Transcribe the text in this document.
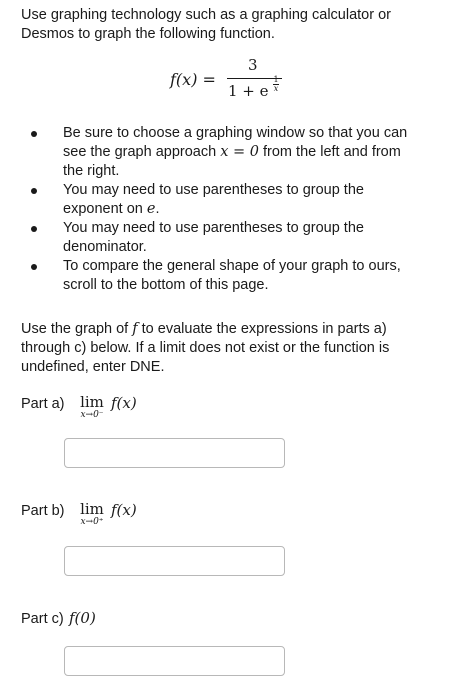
Use graphing technology such as a graphing calculator or
Desmos to graph the following function.
f(x) =
3
1 + e $\frac{1}{x}$
Be sure to choose a graphing window so that you can
see the graph approach x = 0 from the left and from
the right.
You may need to use parentheses to group the
exponent on e.
You may need to use parentheses to group the
denominator.
To compare the general shape of your graph to ours,
scroll to the bottom of this page.
Use the graph of f to evaluate the expressions in parts a)
through c) below. If a limit does not exist or the function is
undefined, enter DNE.
Part a)	lim
x→0⁻
f(x)
Part b)	lim
x→0⁺
f(x)
Part c) f(0)
